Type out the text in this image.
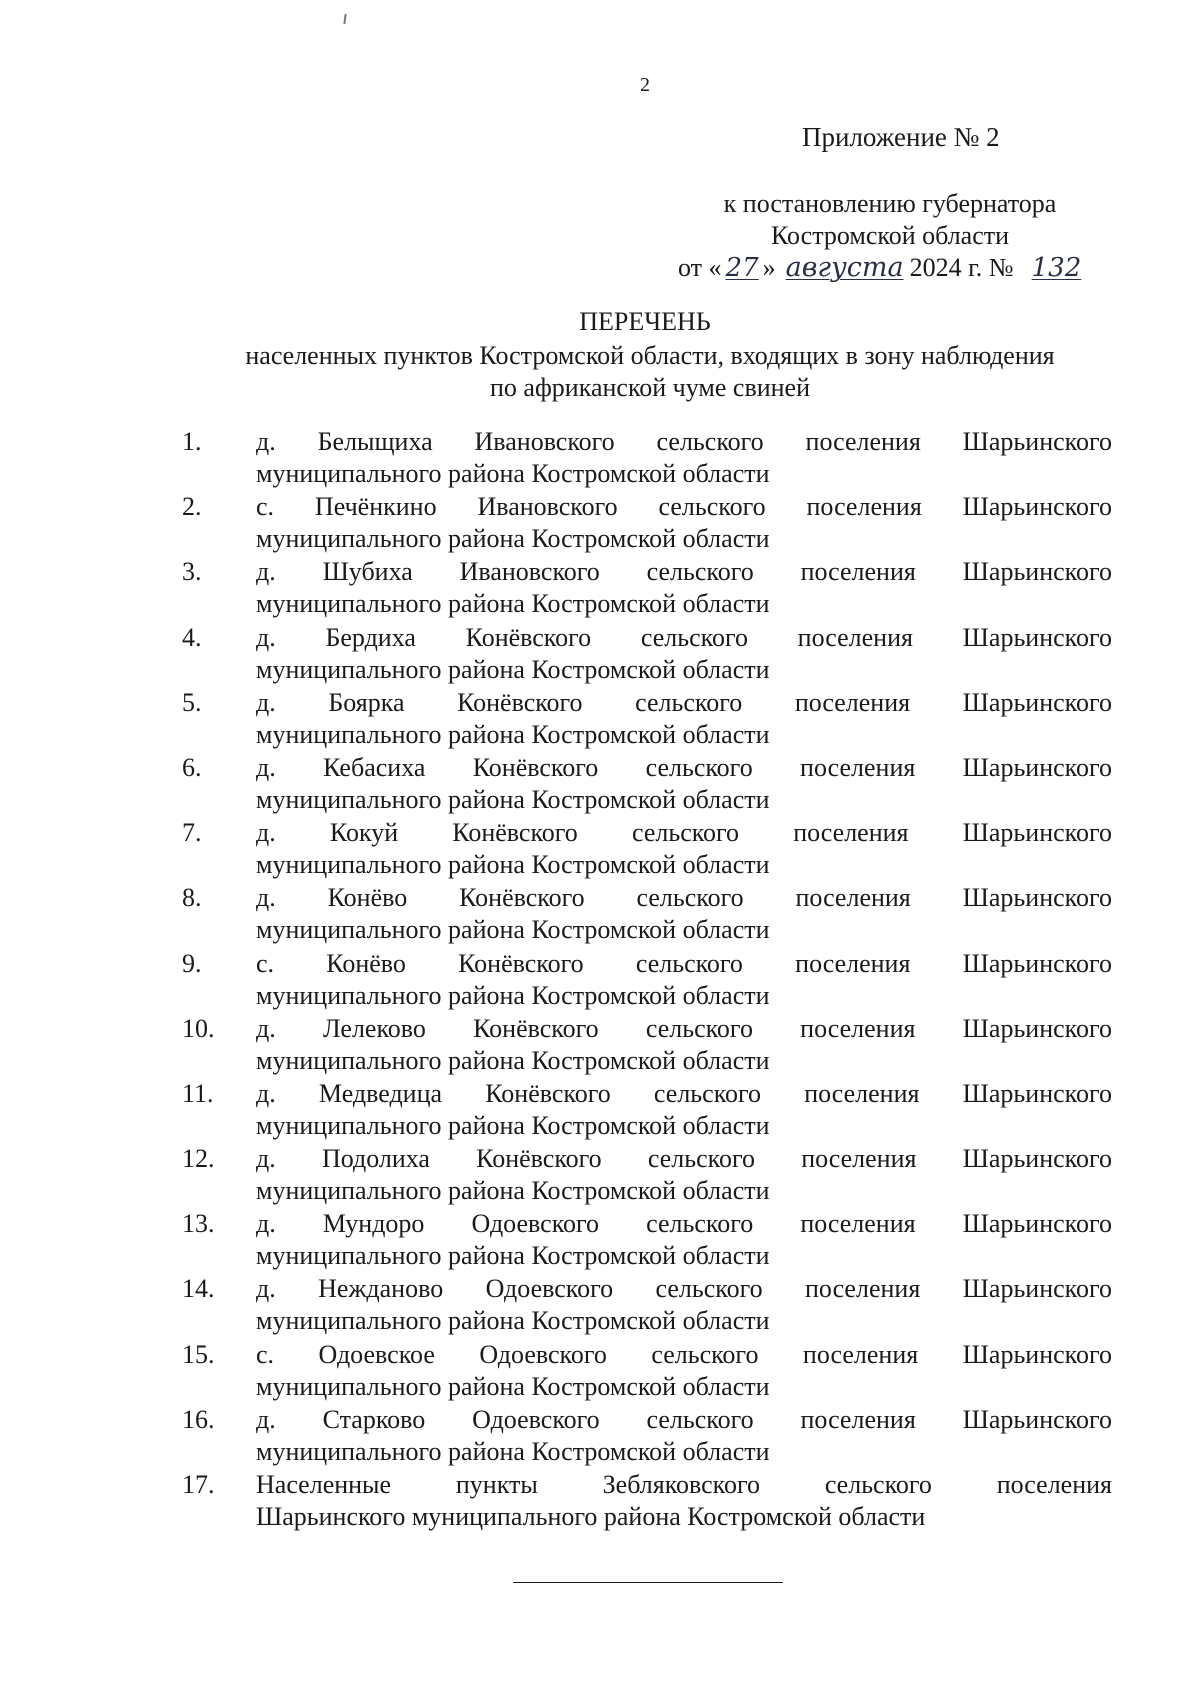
2
Приложение № 2
к постановлению губернатора
Костромской области
от « 27 » августа 2024 г. № 132
ПЕРЕЧЕНЬ
населенных пунктов Костромской области, входящих в зону наблюдения
по африканской чуме свиней
1.	д. Белыщиха Ивановского сельского поселения Шарьинского
муниципального района Костромской области
2.	с. Печёнкино Ивановского сельского поселения Шарьинского
муниципального района Костромской области
3.	д. Шубиха Ивановского сельского поселения Шарьинского
муниципального района Костромской области
4.	д. Бердиха Конёвского сельского поселения Шарьинского
муниципального района Костромской области
5.	д. Боярка Конёвского сельского поселения Шарьинского
муниципального района Костромской области
6.	д. Кебасиха Конёвского сельского поселения Шарьинского
муниципального района Костромской области
7.	д. Кокуй Конёвского сельского поселения Шарьинского
муниципального района Костромской области
8.	д. Конёво Конёвского сельского поселения Шарьинского
муниципального района Костромской области
9.	с. Конёво Конёвского сельского поселения Шарьинского
муниципального района Костромской области
10.	д. Лелеково Конёвского сельского поселения Шарьинского
муниципального района Костромской области
11.	д. Медведица Конёвского сельского поселения Шарьинского
муниципального района Костромской области
12.	д. Подолиха Конёвского сельского поселения Шарьинского
муниципального района Костромской области
13.	д. Мундоро Одоевского сельского поселения Шарьинского
муниципального района Костромской области
14.	д. Нежданово Одоевского сельского поселения Шарьинского
муниципального района Костромской области
15.	с. Одоевское Одоевского сельского поселения Шарьинского
муниципального района Костромской области
16.	д. Старково Одоевского сельского поселения Шарьинского
муниципального района Костромской области
17.	Населенные пункты Зебляковского сельского поселения
Шарьинского муниципального района Костромской области
